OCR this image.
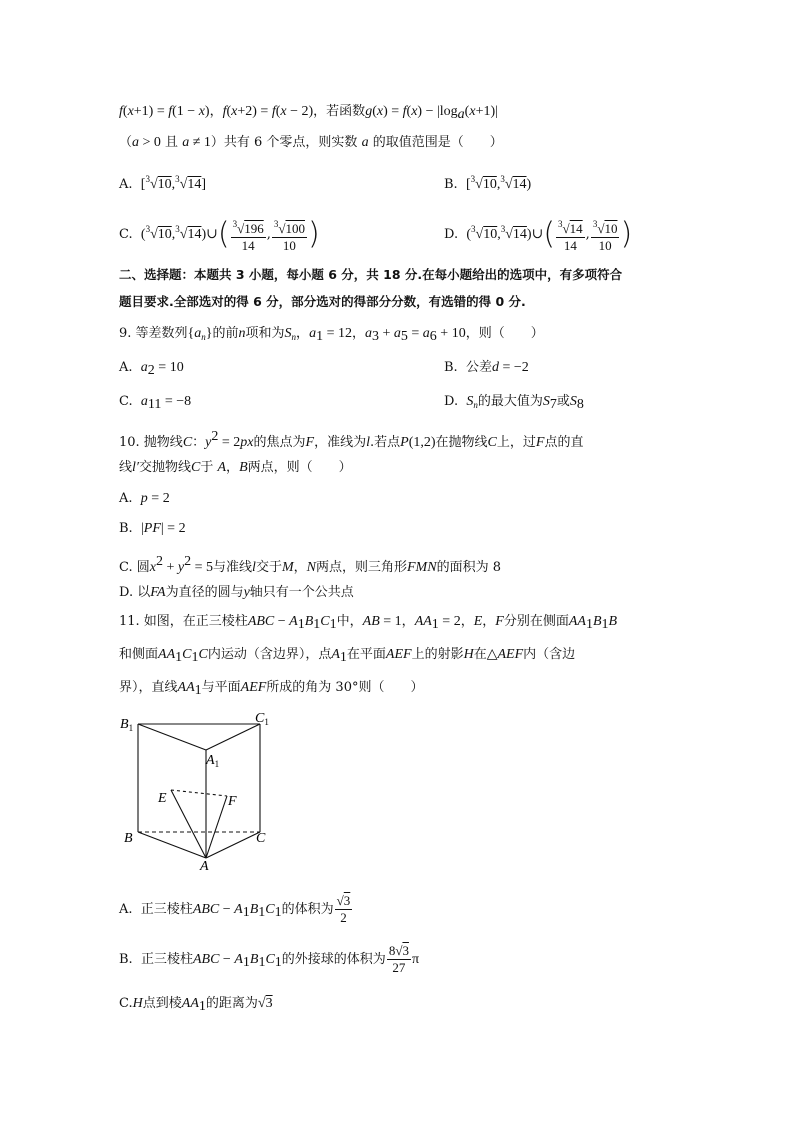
f(x+1) = f(1 − x)，f(x+2) = f(x − 2)，若函数$g(x) = f(x) - |\log_a(x+1)|$
（a > 0 且 a ≠ 1）共有 6 个零点，则实数 a 的取值范围是（　　）
A. [$^3$√10,$^3$√14]	B. [$^3$√10,$^3$√14)
C. ($^3$√10,$^3$√14)∪( $\frac{^3√196}{14}$ , $\frac{^3√100}{10}$ )	D. ($^3$√10,$^3$√14)∪( $\frac{^3√14}{14}$ , $\frac{^3√10}{10}$ )
二、选择题：本题共 3 小题，每小题 6 分，共 18 分.在每小题给出的选项中，有多项符合
题目要求.全部选对的得 6 分，部分选对的得部分分数，有选错的得 0 分.
9. 等差数列$\{a_n\}$的前n项和为$S_n$，$a_1 = 12$，$a_3 + a_5 = a_6 + 10$，则（　　）
A. $a_2 = 10$	B. 公差d = −2
C. $a_{11} = -8$	D. $S_n$的最大值为$S_7$或$S_8$
10. 抛物线C：$y^2 = 2px$的焦点为F，准线为l.若点P(1,2)在抛物线C上，过F点的直
线l′交抛物线C于 A，B两点，则（　　）
A. p = 2
B. |PF| = 2
C. 圆$x^2 + y^2 = 5$与准线l交于M，N两点，则三角形FMN的面积为 8
D. 以FA为直径的圆与y轴只有一个公共点
11. 如图，在正三棱柱ABC − $A_1B_1C_1$中，AB = 1，$AA_1 = 2$，E，F分别在侧面$AA_1B_1B$
和侧面$AA_1C_1C$内运动（含边界），点$A_1$在平面AEF上的射影H在△AEF内（含边
界），直线$AA_1$与平面AEF所成的角为 30°则（　　）
$B_1$
$C_1$
$A_1$
E	F
B	C
A
A. 正三棱柱ABC − $A_1B_1C_1$的体积为 $\frac{√3}{2}$
B. 正三棱柱ABC − $A_1B_1C_1$的外接球的体积为 $\frac{8√3}{27}$ π
C.H点到棱$AA_1$的距离为√3
